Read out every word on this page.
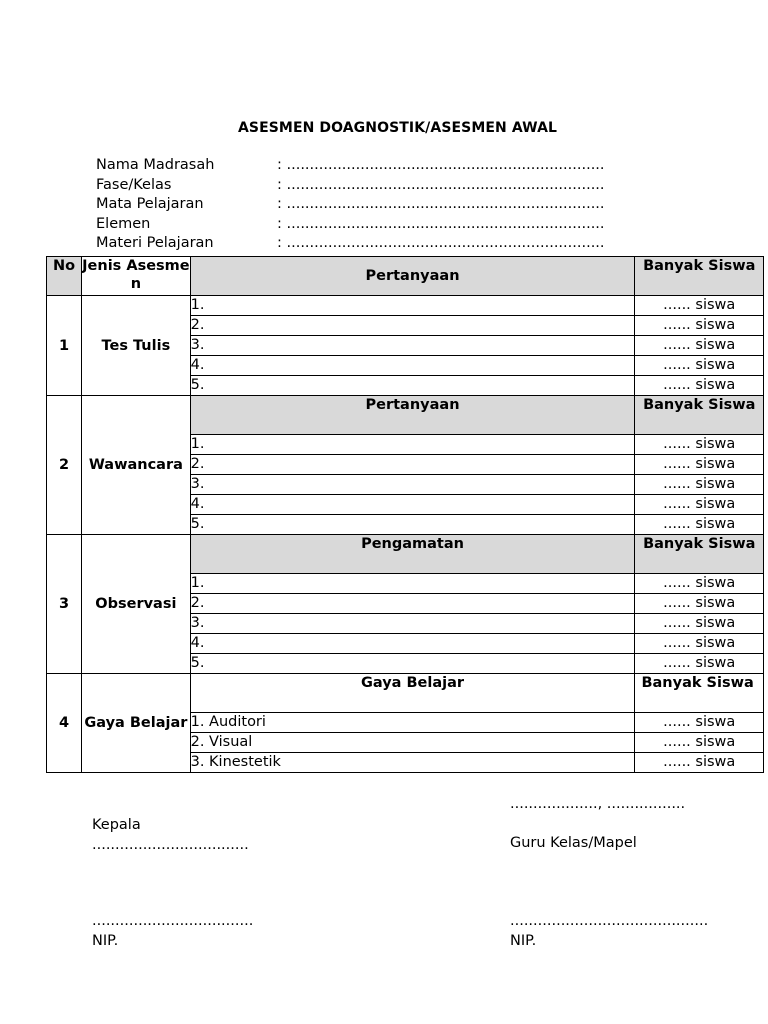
ASESMEN DOAGNOSTIK/ASESMEN AWAL
Nama Madrasah	: .....................................................................
Fase/Kelas	: .....................................................................
Mata Pelajaran	: .....................................................................
Elemen	: .....................................................................
Materi Pelajaran	: .....................................................................
No	Jenis Asesmen	Pertanyaan	Banyak Siswa
1	Tes Tulis	1.	...... siswa
		2.	...... siswa
		3.	...... siswa
		4.	...... siswa
		5.	...... siswa
2	Wawancara	Pertanyaan	Banyak Siswa
		1.	...... siswa
		2.	...... siswa
		3.	...... siswa
		4.	...... siswa
		5.	...... siswa
3	Observasi	Pengamatan	Banyak Siswa
		1.	...... siswa
		2.	...... siswa
		3.	...... siswa
		4.	...... siswa
		5.	...... siswa
4	Gaya Belajar	Gaya Belajar	Banyak Siswa
		1. Auditori	...... siswa
		2. Visual	...... siswa
		3. Kinestetik	...... siswa
..................., .................
Kepala ..................................	Guru Kelas/Mapel
...................................	...........................................
NIP.	NIP.
